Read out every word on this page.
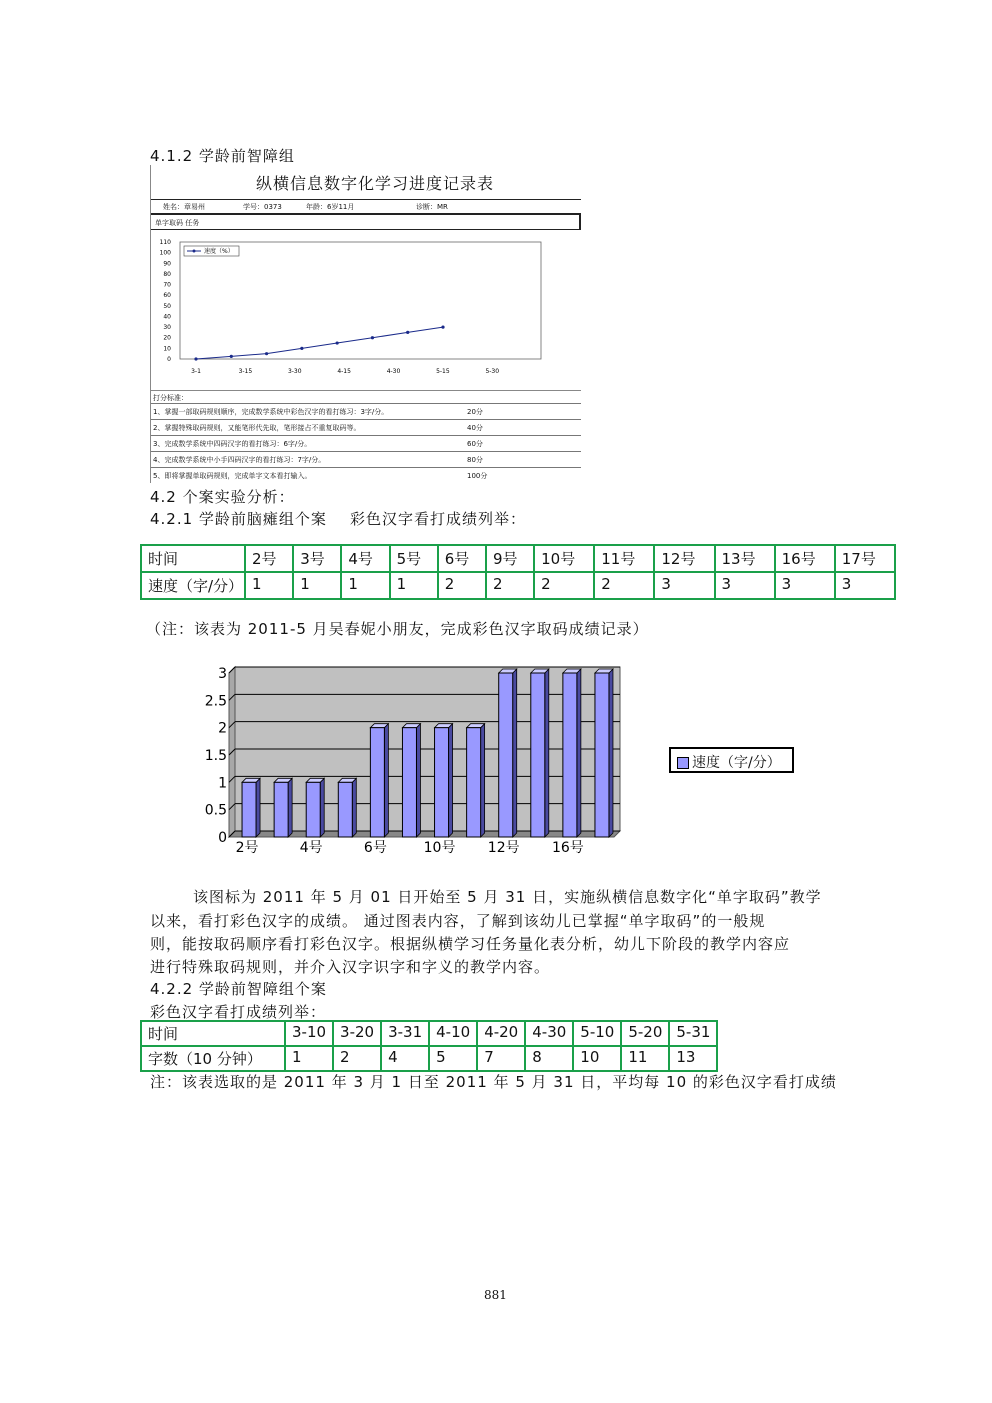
4.1.2 学龄前智障组
纵横信息数字化学习进度记录表
姓名：章易州	学号：0373	年龄：6岁11月	诊断：MR
单字取码 任务
0
10
20
30
40
50
60
70
80
90
100
110
3-1	3-15	3-30	4-15	4-30	5-15	5-30
速度（%）
打分标准：
1、掌握一部取码规则顺序，完成数学系统中彩色汉字的看打练习：3字/分。	20分
2、掌握特殊取码规则，又能笔形代先取，笔形接占不重复取码等。	40分
3、完成数学系统中四码汉字的看打练习：6字/分。	60分
4、完成数学系统中小手四码汉字的看打练习：7字/分。	80分
5、即将掌握单取码规则，完成单字文本看打输入。	100分
4.2 个案实验分析：
4.2.1 学龄前脑瘫组个案    彩色汉字看打成绩列举：
时间	2号	3号	4号	5号	6号	9号	10号	11号	12号	13号	16号	17号
速度（字/分）	1	1	1	1	2	2	2	2	3	3	3	3
（注：该表为 2011-5 月吴春妮小朋友，完成彩色汉字取码成绩记录）
0
0.5
1
1.5
2
2.5
3
2号	4号	6号	10号 12号 16号
速度（字/分）
该图标为 2011 年 5 月 01 日开始至 5 月 31 日，实施纵横信息数字化“单字取码”教学
以来，看打彩色汉字的成绩。 通过图表内容，了解到该幼儿已掌握“单字取码”的一般规
则，能按取码顺序看打彩色汉字。根据纵横学习任务量化表分析，幼儿下阶段的教学内容应
进行特殊取码规则，并介入汉字识字和字义的教学内容。
4.2.2 学龄前智障组个案
彩色汉字看打成绩列举：
时间	3-10	3-20	3-31	4-10	4-20	4-30	5-10	5-20	5-31
字数（10 分钟）	1	2	4	5	7	8	10	11	13
注：该表选取的是 2011 年 3 月 1 日至 2011 年 5 月 31 日，平均每 10 的彩色汉字看打成绩
881
